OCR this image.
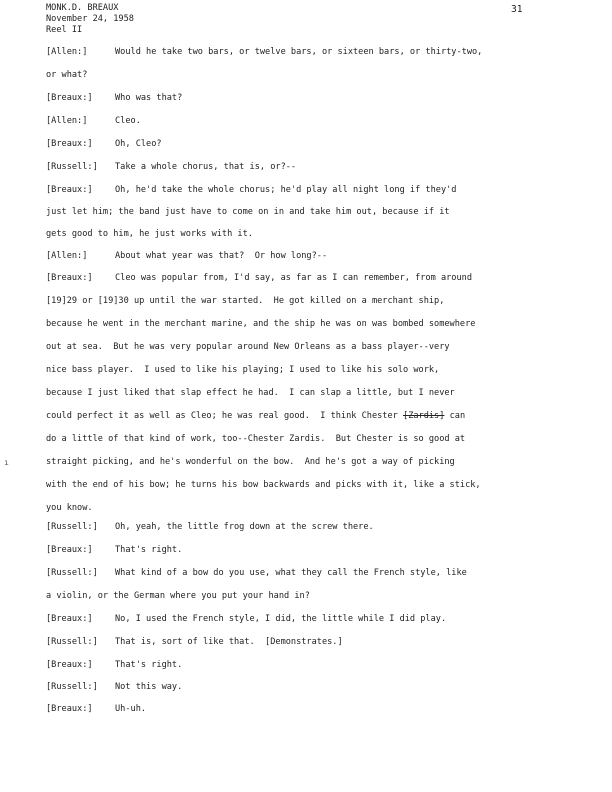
MONK.D. BREAUX
November 24, 1958
Reel II
31
[Allen:]	Would he take two bars, or twelve bars, or sixteen bars, or thirty-two,
or what?
[Breaux:]	Who was that?
[Allen:]	Cleo.
[Breaux:]	Oh, Cleo?
[Russell:] Take a whole chorus, that is, or?--
[Breaux:]	Oh, he'd take the whole chorus; he'd play all night long if they'd
just let him; the band just have to come on in and take him out, because if it
gets good to him, he just works with it.
[Allen:]	About what year was that?  Or how long?--
[Breaux:]	Cleo was popular from, I'd say, as far as I can remember, from around
[19]29 or [19]30 up until the war started.  He got killed on a merchant ship,
because he went in the merchant marine, and the ship he was on was bombed somewhere
out at sea.  But he was very popular around New Orleans as a bass player--very
nice bass player.  I used to like his playing; I used to like his solo work,
because I just liked that slap effect he had.  I can slap a little, but I never
could perfect it as well as Cleo; he was real good.  I think Chester [Zardis] can
do a little of that kind of work, too--Chester Zardis.  But Chester is so good at
straight picking, and he's wonderful on the bow.  And he's got a way of picking
with the end of his bow; he turns his bow backwards and picks with it, like a stick,
you know.
[Russell:] Oh, yeah, the little frog down at the screw there.
[Breaux:]	That's right.
[Russell:] What kind of a bow do you use, what they call the French style, like
a violin, or the German where you put your hand in?
[Breaux:]	No, I used the French style, I did, the little while I did play.
[Russell:] That is, sort of like that.  [Demonstrates.]
[Breaux:]	That's right.
[Russell:] Not this way.
[Breaux:]	Uh-uh.
ı
